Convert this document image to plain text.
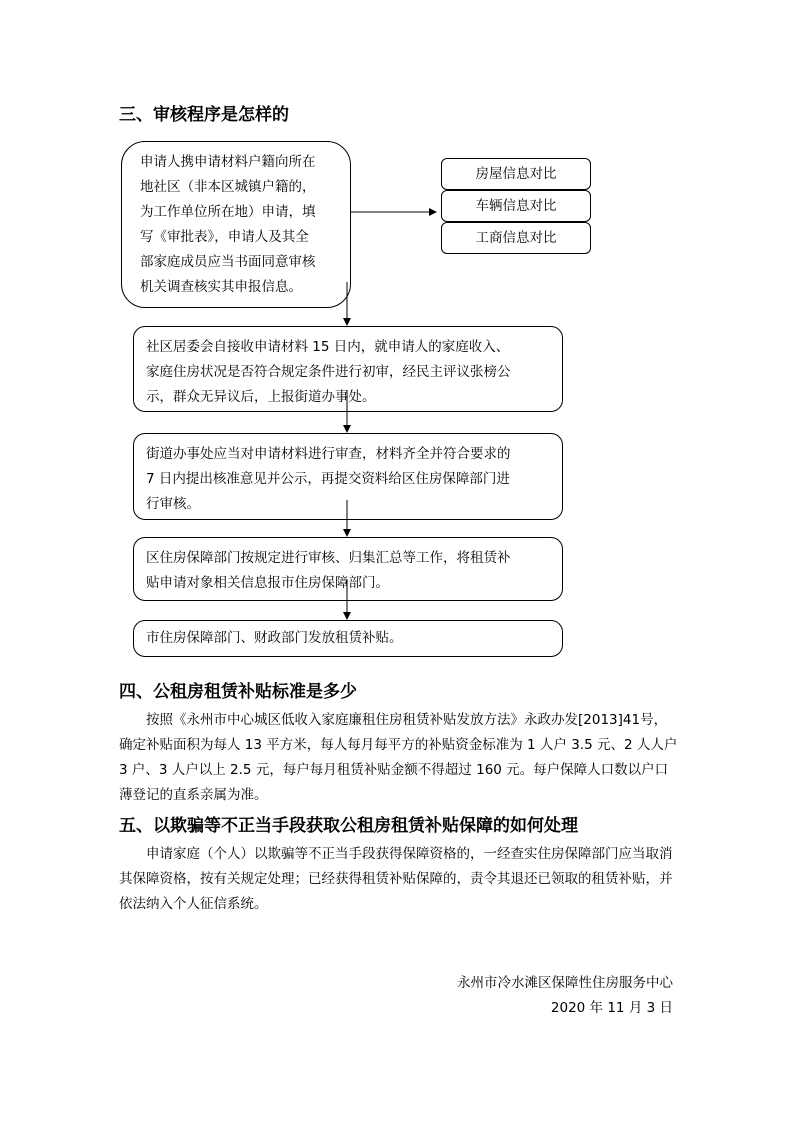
三、审核程序是怎样的

申请人携申请材料户籍向所在

地社区（非本区城镇户籍的，

为工作单位所在地）申请，填

写《审批表》，申请人及其全

部家庭成员应当书面同意审核

机关调查核实其申报信息。

房屋信息对比
车辆信息对比
工商信息对比

社区居委会自接收申请材料 15 日内，就申请人的家庭收入、

家庭住房状况是否符合规定条件进行初审，经民主评议张榜公

示，群众无异议后，上报街道办事处。

街道办事处应当对申请材料进行审查，材料齐全并符合要求的

7 日内提出核准意见并公示，再提交资料给区住房保障部门进

行审核。

区住房保障部门按规定进行审核、归集汇总等工作，将租赁补

贴申请对象相关信息报市住房保障部门。

市住房保障部门、财政部门发放租赁补贴。

四、公租房租赁补贴标准是多少

按照《永州市中心城区低收入家庭廉租住房租赁补贴发放方法》永政办发[2013]41号，确定补贴面积为每人 13 平方米，每人每月每平方的补贴资金标准为 1 人户 3.5 元、2 人人户 3 户、3 人户以上 2.5 元，每户每月租赁补贴金额不得超过 160 元。每户保障人口数以户口薄登记的直系亲属为准。

五、以欺骗等不正当手段获取公租房租赁补贴保障的如何处理

申请家庭（个人）以欺骗等不正当手段获得保障资格的，一经查实住房保障部门应当取消其保障资格，按有关规定处理；已经获得租赁补贴保障的，责令其退还已领取的租赁补贴，并依法纳入个人征信系统。

永州市冷水滩区保障性住房服务中心

2020 年 11 月 3 日
